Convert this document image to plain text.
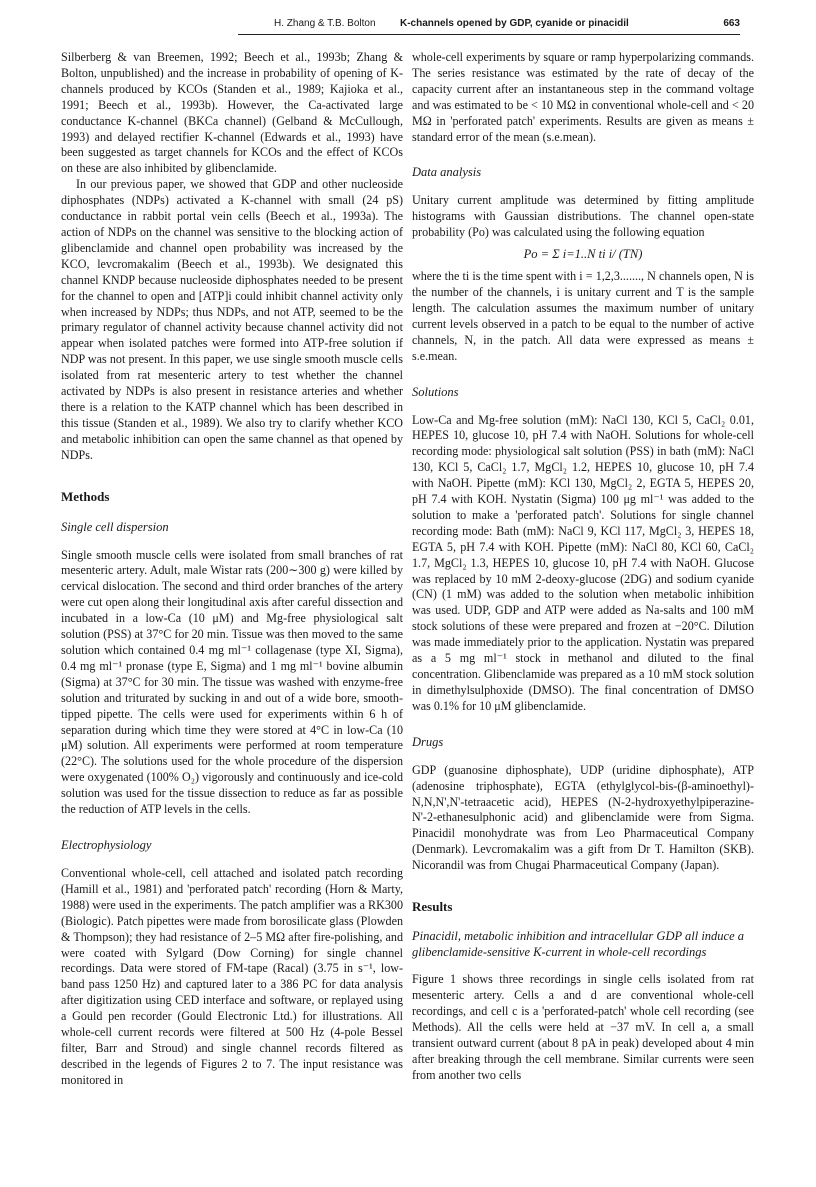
H. Zhang & T.B. Bolton K-channels opened by GDP, cyanide or pinacidil	663

Silberberg & van Breemen, 1992; Beech et al., 1993b; Zhang & Bolton, unpublished) and the increase in probability of opening of K-channels produced by KCOs (Standen et al., 1989; Kajioka et al., 1991; Beech et al., 1993b). However, the Ca-activated large conductance K-channel (BKCa channel) (Gelband & McCullough, 1993) and delayed rectifier K-channel (Edwards et al., 1993) have been suggested as target channels for KCOs and the effect of KCOs on these are also inhibited by glibenclamide.

In our previous paper, we showed that GDP and other nucleoside diphosphates (NDPs) activated a K-channel with small (24 pS) conductance in rabbit portal vein cells (Beech et al., 1993a). The action of NDPs on the channel was sensitive to the blocking action of glibenclamide and channel open probability was increased by the KCO, levcromakalim (Beech et al., 1993b). We designated this channel KNDP because nucleoside diphosphates needed to be present for the channel to open and [ATP]i could inhibit channel activity only when increased by NDPs; thus NDPs, and not ATP, seemed to be the primary regulator of channel activity because channel activity did not appear when isolated patches were formed into ATP-free solution if NDP was not present. In this paper, we use single smooth muscle cells isolated from rat mesenteric artery to test whether the channel activated by NDPs is also present in resistance arteries and whether there is a relation to the KATP channel which has been described in this tissue (Standen et al., 1989). We also try to clarify whether KCO and metabolic inhibition can open the same channel as that opened by NDPs.

Methods
Single cell dispersion

Single smooth muscle cells were isolated from small branches of rat mesenteric artery. Adult, male Wistar rats (200∼300 g) were killed by cervical dislocation. The second and third order branches of the artery were cut open along their longitudinal axis after careful dissection and incubated in a low-Ca (10 μM) and Mg-free physiological salt solution (PSS) at 37°C for 20 min. Tissue was then moved to the same solution which contained 0.4 mg ml⁻¹ collagenase (type XI, Sigma), 0.4 mg ml⁻¹ pronase (type E, Sigma) and 1 mg ml⁻¹ bovine albumin (Sigma) at 37°C for 30 min. The tissue was washed with enzyme-free solution and triturated by sucking in and out of a wide bore, smooth-tipped pipette. The cells were used for experiments within 6 h of separation during which time they were stored at 4°C in low-Ca (10 μM) solution. All experiments were performed at room temperature (22°C). The solutions used for the whole procedure of the dispersion were oxygenated (100% O₂) vigorously and continuously and ice-cold solution was used for the tissue dissection to reduce as far as possible the reduction of ATP levels in the cells.

Electrophysiology

Conventional whole-cell, cell attached and isolated patch recording (Hamill et al., 1981) and 'perforated patch' recording (Horn & Marty, 1988) were used in the experiments. The patch amplifier was a RK300 (Biologic). Patch pipettes were made from borosilicate glass (Plowden & Thompson); they had resistance of 2–5 MΩ after fire-polishing, and were coated with Sylgard (Dow Corning) for single channel recordings. Data were stored of FM-tape (Racal) (3.75 in s⁻¹, low-band pass 1250 Hz) and captured later to a 386 PC for data analysis after digitization using CED interface and software, or replayed using a Gould pen recorder (Gould Electronic Ltd.) for illustrations. All whole-cell current records were filtered at 500 Hz (4-pole Bessel filter, Barr and Stroud) and single channel records filtered as described in the legends of Figures 2 to 7. The input resistance was monitored in

whole-cell experiments by square or ramp hyperpolarizing commands. The series resistance was estimated by the rate of decay of the capacity current after an instantaneous step in the command voltage and was estimated to be < 10 MΩ in conventional whole-cell and < 20 MΩ in 'perforated patch' experiments. Results are given as means ± standard error of the mean (s.e.mean).

Data analysis

Unitary current amplitude was determined by fitting amplitude histograms with Gaussian distributions. The channel open-state probability (Po) was calculated using the following equation

Po = Σ i=1..N ti i/ (TN)

where the ti is the time spent with i = 1,2,3......., N channels open, N is the number of the channels, i is unitary current and T is the sample length. The calculation assumes the maximum number of unitary current levels observed in a patch to be equal to the number of active channels, N, in the patch. All data were expressed as means ± s.e.mean.

Solutions

Low-Ca and Mg-free solution (mM): NaCl 130, KCl 5, CaCl₂ 0.01, HEPES 10, glucose 10, pH 7.4 with NaOH. Solutions for whole-cell recording mode: physiological salt solution (PSS) in bath (mM): NaCl 130, KCl 5, CaCl₂ 1.7, MgCl₂ 1.2, HEPES 10, glucose 10, pH 7.4 with NaOH. Pipette (mM): KCl 130, MgCl₂ 2, EGTA 5, HEPES 20, pH 7.4 with KOH. Nystatin (Sigma) 100 μg ml⁻¹ was added to the solution to make a 'perforated patch'. Solutions for single channel recording mode: Bath (mM): NaCl 9, KCl 117, MgCl₂ 3, HEPES 18, EGTA 5, pH 7.4 with KOH. Pipette (mM): NaCl 80, KCl 60, CaCl₂ 1.7, MgCl₂ 1.3, HEPES 10, glucose 10, pH 7.4 with NaOH. Glucose was replaced by 10 mM 2-deoxy-glucose (2DG) and sodium cyanide (CN) (1 mM) was added to the solution when metabolic inhibition was used. UDP, GDP and ATP were added as Na-salts and 100 mM stock solutions of these were prepared and frozen at −20°C. Dilution was made immediately prior to the application. Nystatin was prepared as a 5 mg ml⁻¹ stock in methanol and diluted to the final concentration. Glibenclamide was prepared as a 10 mM stock solution in dimethylsulphoxide (DMSO). The final concentration of DMSO was 0.1% for 10 μM glibenclamide.

Drugs

GDP (guanosine diphosphate), UDP (uridine diphosphate), ATP (adenosine triphosphate), EGTA (ethylglycol-bis-(β-aminoethyl)-N,N,N',N'-tetraacetic acid), HEPES (N-2-hydroxyethylpiperazine-N'-2-ethanesulphonic acid) and glibenclamide were from Sigma. Pinacidil monohydrate was from Leo Pharmaceutical Company (Denmark). Levcromakalim was a gift from Dr T. Hamilton (SKB). Nicorandil was from Chugai Pharmaceutical Company (Japan).

Results
Pinacidil, metabolic inhibition and intracellular GDP all induce a glibenclamide-sensitive K-current in whole-cell recordings

Figure 1 shows three recordings in single cells isolated from rat mesenteric artery. Cells a and d are conventional whole-cell recordings, and cell c is a 'perforated-patch' whole cell recording (see Methods). All the cells were held at −37 mV. In cell a, a small transient outward current (about 8 pA in peak) developed about 4 min after breaking through the cell membrane. Similar currents were seen from another two cells
